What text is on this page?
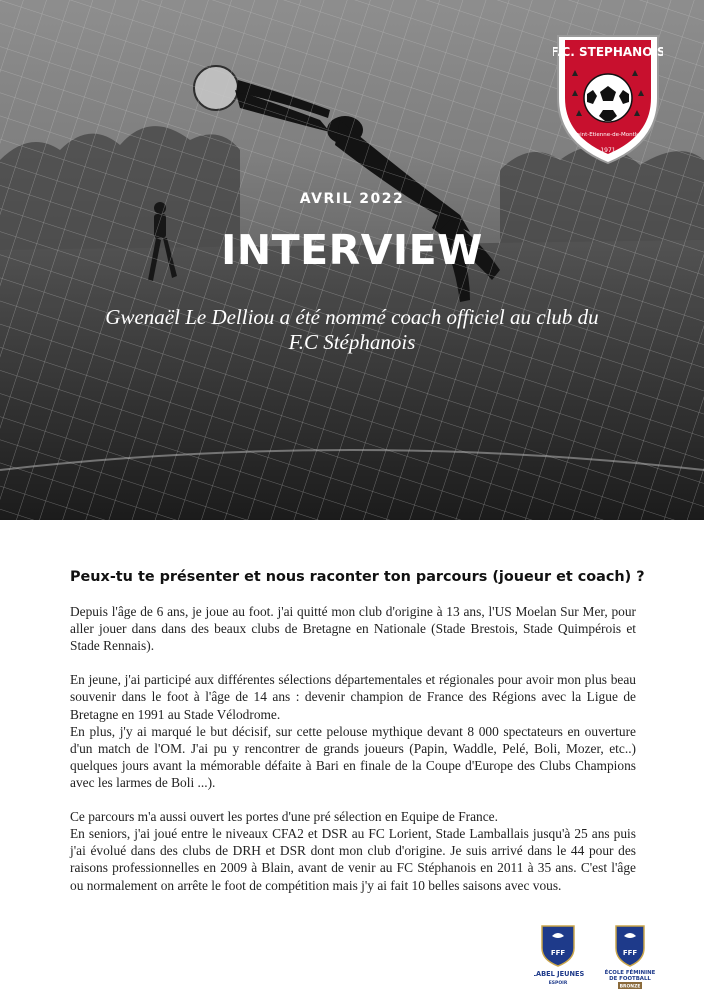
AVRIL 2022
INTERVIEW
Gwenaël Le Delliou a été nommé coach officiel au club du F.C Stéphanois
F.C. STEPHANOIS
Saint-Etienne-de-Montluc
1971
Peux-tu te présenter et nous raconter ton parcours (joueur et coach) ?

Depuis l'âge de 6 ans, je joue au foot. j'ai quitté mon club d'origine à 13 ans, l'US Moelan Sur Mer, pour aller jouer dans dans des beaux clubs de Bretagne en Nationale (Stade Brestois, Stade Quimpérois et Stade Rennais).

En jeune, j'ai participé aux différentes sélections départementales et régionales pour avoir mon plus beau souvenir dans le foot à l'âge de 14 ans : devenir champion de France des Régions avec la Ligue de Bretagne en 1991 au Stade Vélodrome.
En plus, j'y ai marqué le but décisif, sur cette pelouse mythique devant 8 000 spectateurs en ouverture d'un match de l'OM. J'ai pu y rencontrer de grands joueurs (Papin, Waddle, Pelé, Boli, Mozer, etc..) quelques jours avant la mémorable défaite à Bari en finale de la Coupe d'Europe des Clubs Champions avec les larmes de Boli ...).

Ce parcours m'a aussi ouvert les portes d'une pré sélection en Equipe de France.
En seniors, j'ai joué entre le niveaux CFA2 et DSR au FC Lorient, Stade Lamballais jusqu'à 25 ans puis j'ai évolué dans des clubs de DRH et DSR dont mon club d'origine. Je suis arrivé dans le 44 pour des raisons professionnelles en 2009 à Blain, avant de venir au FC Stéphanois en 2011 à 35 ans. C'est l'âge ou normalement on arrête le foot de compétition mais j'y ai fait 10 belles saisons avec vous.

FFF
LABEL JEUNES
ESPOIR
FFF
ÉCOLE FÉMININE
DE FOOTBALL
BRONZE
